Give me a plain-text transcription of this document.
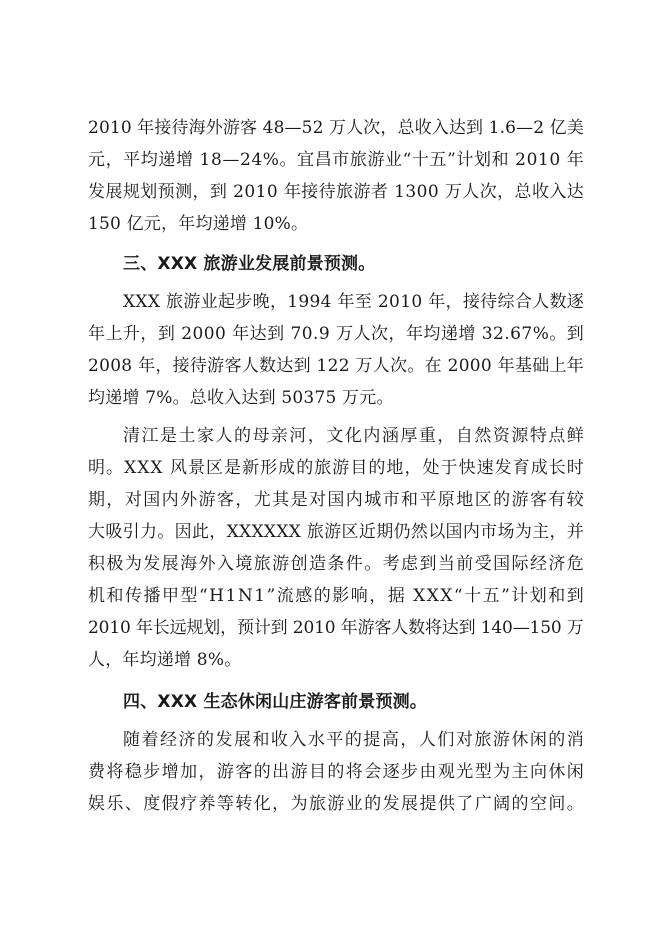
2010 年接待海外游客 48—52 万人次，总收入达到 1.6—2 亿美
元，平均递增 18—24%。宜昌市旅游业“十五”计划和 2010 年
发展规划预测，到 2010 年接待旅游者 1300 万人次，总收入达
150 亿元，年均递增 10%。
三、XXX 旅游业发展前景预测。
XXX 旅游业起步晚，1994 年至 2010 年，接待综合人数逐
年上升，到 2000 年达到 70.9 万人次，年均递增 32.67%。到
2008 年，接待游客人数达到 122 万人次。在 2000 年基础上年
均递增 7%。总收入达到 50375 万元。
清江是土家人的母亲河，文化内涵厚重，自然资源特点鲜
明。XXX 风景区是新形成的旅游目的地，处于快速发育成长时
期，对国内外游客，尤其是对国内城市和平原地区的游客有较
大吸引力。因此，XXXXXX 旅游区近期仍然以国内市场为主，并
积极为发展海外入境旅游创造条件。考虑到当前受国际经济危
机和传播甲型“H1N1”流感的影响，据 XXX“十五”计划和到
2010 年长远规划，预计到 2010 年游客人数将达到 140—150 万
人，年均递增 8%。
四、XXX 生态休闲山庄游客前景预测。
随着经济的发展和收入水平的提高，人们对旅游休闲的消
费将稳步增加，游客的出游目的将会逐步由观光型为主向休闲
娱乐、度假疗养等转化，为旅游业的发展提供了广阔的空间。
